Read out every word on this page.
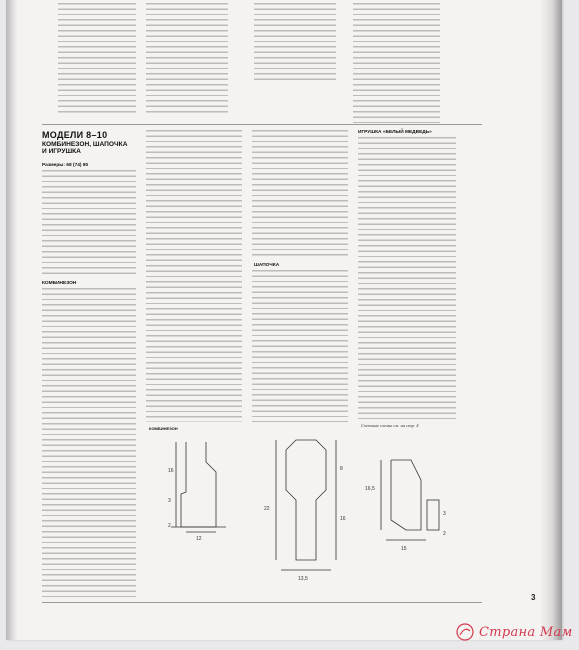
МОДЕЛИ 8–10
КОМБИНЕЗОН, ШАПОЧКА И ИГРУШКА
Размеры: 68 (74) 80
КОМБИНЕЗОН
ШАПОЧКА
ИГРУШКА «БЕЛЫЙ МЕДВЕДЬ»
Счетные схемы см. на стр. 4
КОМБИНЕЗОН
16
3
12
2
8
16
13,5
22
16,5
15
3
2
3
Страна Мам
